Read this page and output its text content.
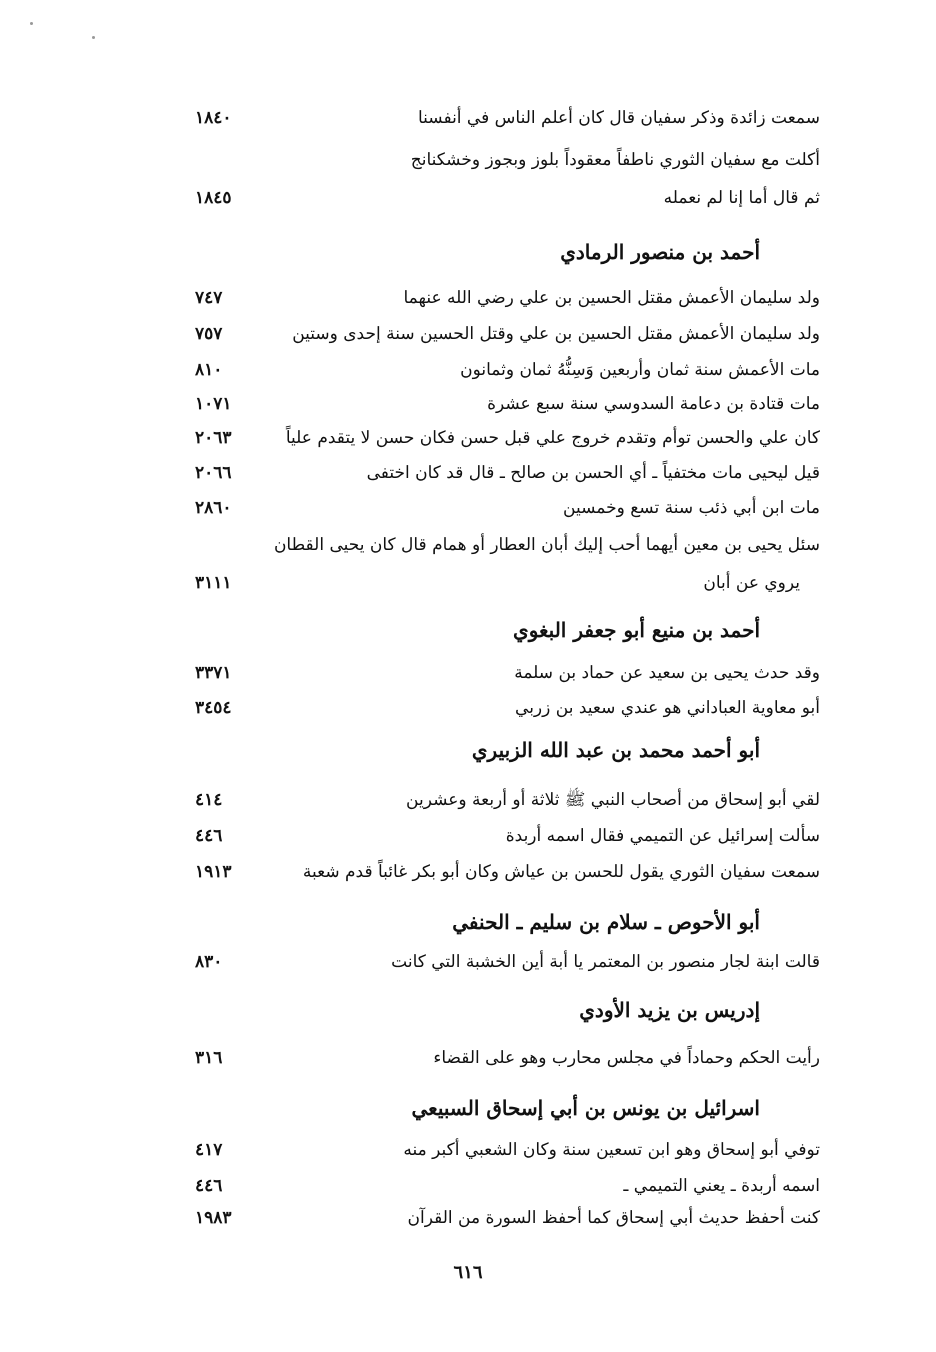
سمعت زائدة وذكر سفيان قال كان أعلم الناس في أنفسنا
١٨٤٠
أكلت مع سفيان الثوري ناطفاً معقوداً بلوز وبجوز وخشكنانج
ثم قال أما إنا لم نعمله
١٨٤٥
أحمد بن منصور الرمادي
ولد سليمان الأعمش مقتل الحسين بن علي رضي الله عنهما
٧٤٧
ولد سليمان الأعمش مقتل الحسين بن علي وقتل الحسين سنة إحدى وستين
٧٥٧
مات الأعمش سنة ثمان وأربعين وَسِنُّهُ ثمان وثمانون
٨١٠
مات قتادة بن دعامة السدوسي سنة سبع عشرة
١٠٧١
كان علي والحسن توأم وتقدم خروج علي قبل حسن فكان حسن لا يتقدم علياً
٢٠٦٣
قيل ليحيى مات مختفياً ـ أي الحسن بن صالح ـ قال قد كان اختفى
٢٠٦٦
مات ابن أبي ذئب سنة تسع وخمسين
٢٨٦٠
سئل يحيى بن معين أيهما أحب إليك أبان العطار أو همام قال كان يحيى القطان
يروي عن أبان
٣١١١
أحمد بن منيع أبو جعفر البغوي
وقد حدث يحيى بن سعيد عن حماد بن سلمة
٣٣٧١
أبو معاوية العباداني هو عندي سعيد بن زربي
٣٤٥٤
أبو أحمد محمد بن عبد الله الزبيري
لقي أبو إسحاق من أصحاب النبي ﷺ ثلاثة أو أربعة وعشرين
٤١٤
سألت إسرائيل عن التميمي فقال اسمه أربدة
٤٤٦
سمعت سفيان الثوري يقول للحسن بن عياش وكان أبو بكر غائباً قدم شعبة
١٩١٣
أبو الأحوص ـ سلام بن سليم ـ الحنفي
قالت ابنة لجار منصور بن المعتمر يا أبة أين الخشبة التي كانت
٨٣٠
إدريس بن يزيد الأودي
رأيت الحكم وحماداً في مجلس محارب وهو على القضاء
٣١٦
اسرائيل بن يونس بن أبي إسحاق السبيعي
توفي أبو إسحاق وهو ابن تسعين سنة وكان الشعبي أكبر منه
٤١٧
اسمه أربدة ـ يعني التميمي ـ
٤٤٦
كنت أحفظ حديث أبي إسحاق كما أحفظ السورة من القرآن
١٩٨٣
٦١٦
